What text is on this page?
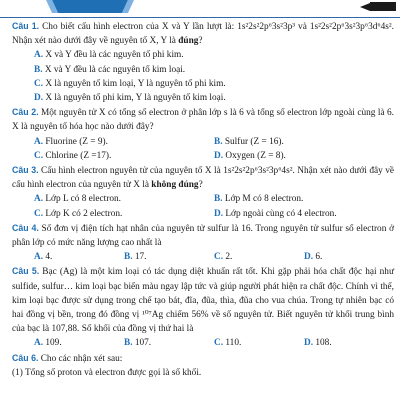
Câu 1. Cho biết cấu hình electron của X và Y lần lượt là: 1s²2s²2p⁶3s²3p³ và 1s²2s²2p⁶3s²3p⁶3d⁶4s². Nhận xét nào dưới đây về nguyên tố X, Y là đúng?

A. X và Y đều là các nguyên tố phi kim.

B. X và Y đều là các nguyên tố kim loại.

C. X là nguyên tố kim loại, Y là nguyên tố phi kim.

D. X là nguyên tố phi kim, Y là nguyên tố kim loại.

Câu 2. Một nguyên tử X có tổng số electron ở phân lớp s là 6 và tổng số electron lớp ngoài cùng là 6. X là nguyên tố hóa học nào dưới đây?

A. Fluorine (Z = 9).	B. Sulfur (Z = 16).
C. Chlorine (Z =17).	D. Oxygen (Z = 8).

Câu 3. Cấu hình electron nguyên tử của nguyên tố X là 1s²2s²2p⁶3s²3p⁶4s². Nhận xét nào dưới đây về cấu hình electron của nguyên tử X là không đúng?

A. Lớp L có 8 electron.	B. Lớp M có 8 electron.
C. Lớp K có 2 electron.	D. Lớp ngoài cùng có 4 electron.

Câu 4. Số đơn vị điện tích hạt nhân của nguyên tử sulfur là 16. Trong nguyên tử sulfur số electron ở phân lớp có mức năng lượng cao nhất là

A. 4.	B. 17.	C. 2.	D. 6.

Câu 5. Bạc (Ag) là một kim loại có tác dụng diệt khuẩn rất tốt. Khi gặp phải hóa chất độc hại như sulfide, sulfur… kim loại bạc biến màu ngay lập tức và giúp người phát hiện ra chất độc. Chính vì thế, kim loại bạc được sử dụng trong chế tạo bát, đĩa, đũa, thìa, đũa cho vua chúa. Trong tự nhiên bạc có hai đồng vị bền, trong đó đồng vị ¹⁰⁷Ag chiếm 56% về số nguyên tử. Biết nguyên tử khối trung bình của bạc là 107,88. Số khối của đồng vị thứ hai là

A. 109.	B. 107.	C. 110.	D. 108.

Câu 6. Cho các nhận xét sau:

(1) Tổng số proton và electron được gọi là số khối.
